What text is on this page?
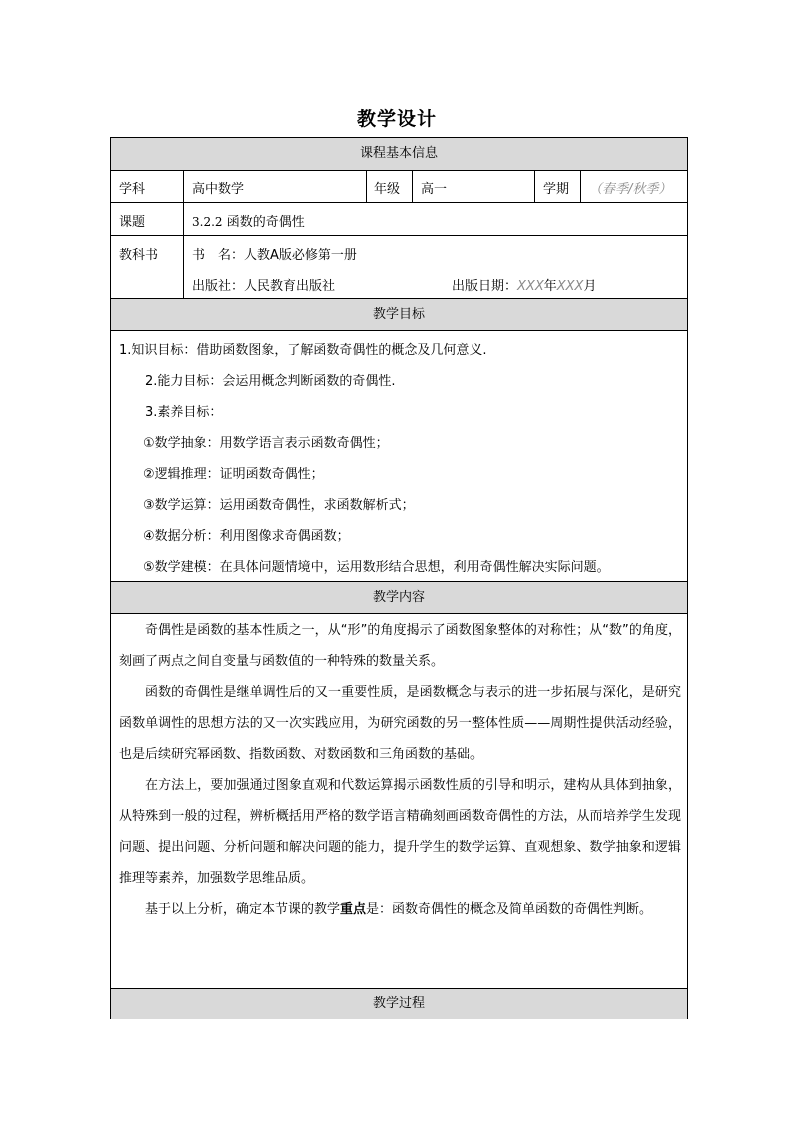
教学设计
课程基本信息
学科	高中数学	年级 高一	学期 （春季/秋季）
课题	3.2.2 函数的奇偶性
教科书	书　名：人教A版必修第一册
出版社：人民教育出版社	出版日期：XXX年XXX月
教学目标
1.知识目标：借助函数图象，了解函数奇偶性的概念及几何意义.
2.能力目标：会运用概念判断函数的奇偶性.
3.素养目标：
①数学抽象：用数学语言表示函数奇偶性；
②逻辑推理：证明函数奇偶性；
③数学运算：运用函数奇偶性，求函数解析式；
④数据分析：利用图像求奇偶函数；
⑤数学建模：在具体问题情境中，运用数形结合思想，利用奇偶性解决实际问题。
教学内容
奇偶性是函数的基本性质之一，从“形”的角度揭示了函数图象整体的对称性；从“数”的角度，刻画了两点之间自变量与函数值的一种特殊的数量关系。
函数的奇偶性是继单调性后的又一重要性质，是函数概念与表示的进一步拓展与深化，是研究函数单调性的思想方法的又一次实践应用，为研究函数的另一整体性质——周期性提供活动经验，也是后续研究幂函数、指数函数、对数函数和三角函数的基础。
在方法上，要加强通过图象直观和代数运算揭示函数性质的引导和明示，建构从具体到抽象，从特殊到一般的过程，辨析概括用严格的数学语言精确刻画函数奇偶性的方法，从而培养学生发现问题、提出问题、分析问题和解决问题的能力，提升学生的数学运算、直观想象、数学抽象和逻辑推理等素养，加强数学思维品质。
基于以上分析，确定本节课的教学重点是：函数奇偶性的概念及简单函数的奇偶性判断。
教学过程
